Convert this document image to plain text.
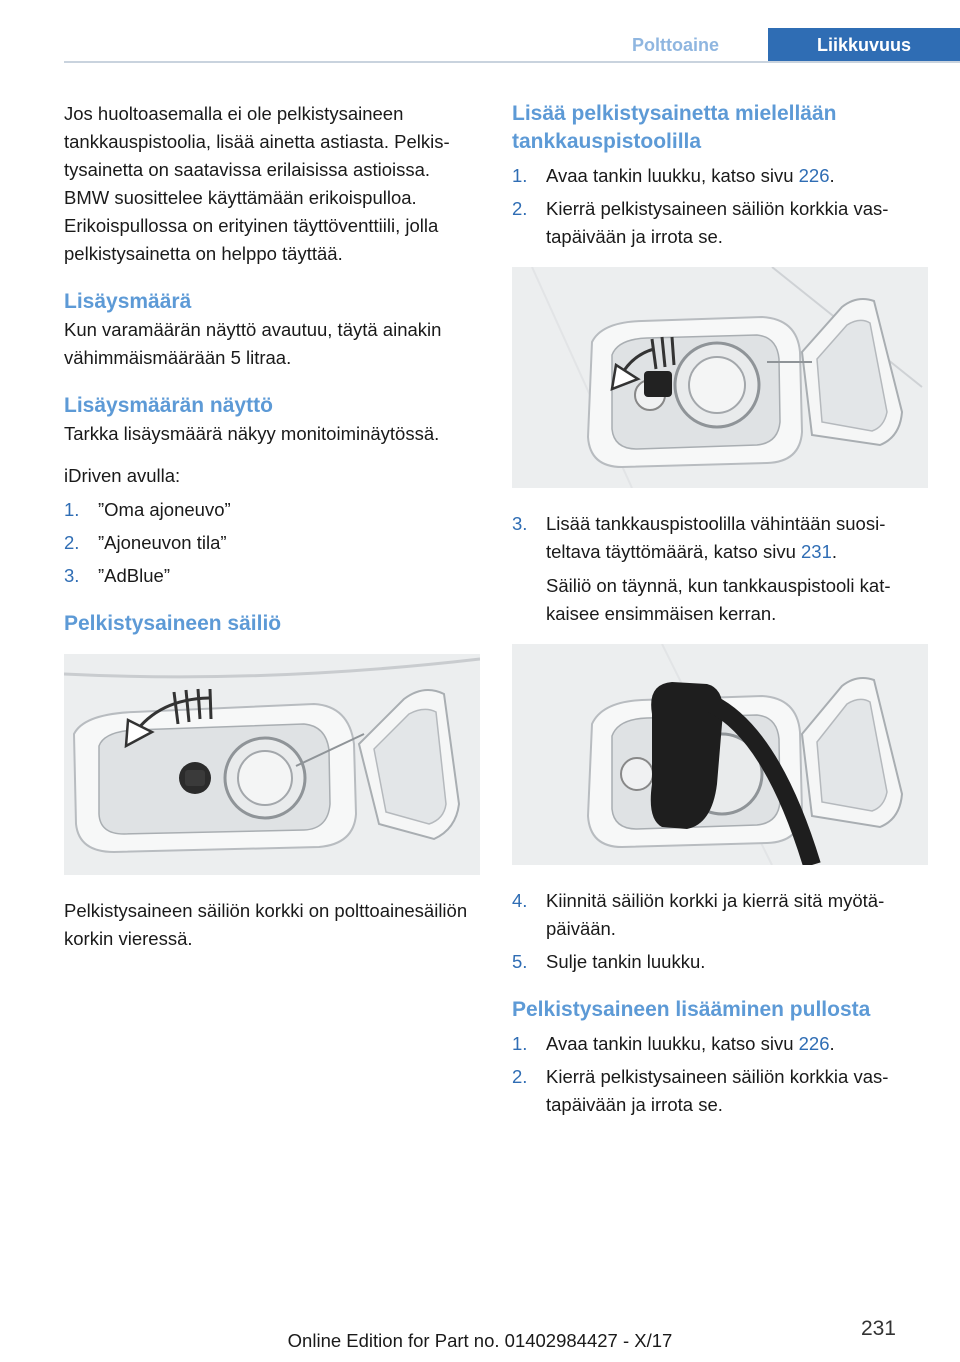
Polttoaine	Liikkuvuus

Jos huoltoasemalla ei ole pelkistysaineen tankkauspistoolia, lisää ainetta astiasta. Pelkistysainetta on saatavissa erilaisissa astioissa. BMW suosittelee käyttämään erikoispulloa. Erikoispullossa on erityinen täyttöventtiili, jolla pelkistysainetta on helppo täyttää.

Lisäysmäärä

Kun varamäärän näyttö avautuu, täytä ainakin vähimmäismäärään 5 litraa.

Lisäysmäärän näyttö

Tarkka lisäysmäärä näkyy monitoiminäytössä.

iDriven avulla:

1. ”Oma ajoneuvo”
2. ”Ajoneuvon tila”
3. ”AdBlue”
Pelkistysaineen säiliö

Pelkistysaineen säiliön korkki on polttoainesäiliön korkin vieressä.

Lisää pelkistysainetta mielellään tankkauspistoolilla
1. Avaa tankin luukku, katso sivu 226.
2. Kierrä pelkistysaineen säiliön korkkia vastapäivään ja irrota se.
3. Lisää tankkauspistoolilla vähintään suositeltava täyttömäärä, katso sivu 231.
Säiliö on täynnä, kun tankkauspistooli katkaisee ensimmäisen kerran.
4. Kiinnitä säiliön korkki ja kierrä sitä myötäpäivään.
5. Sulje tankin luukku.
Pelkistysaineen lisääminen pullosta
1. Avaa tankin luukku, katso sivu 226.
2. Kierrä pelkistysaineen säiliön korkkia vastapäivään ja irrota se.
231
Online Edition for Part no. 01402984427 - X/17
